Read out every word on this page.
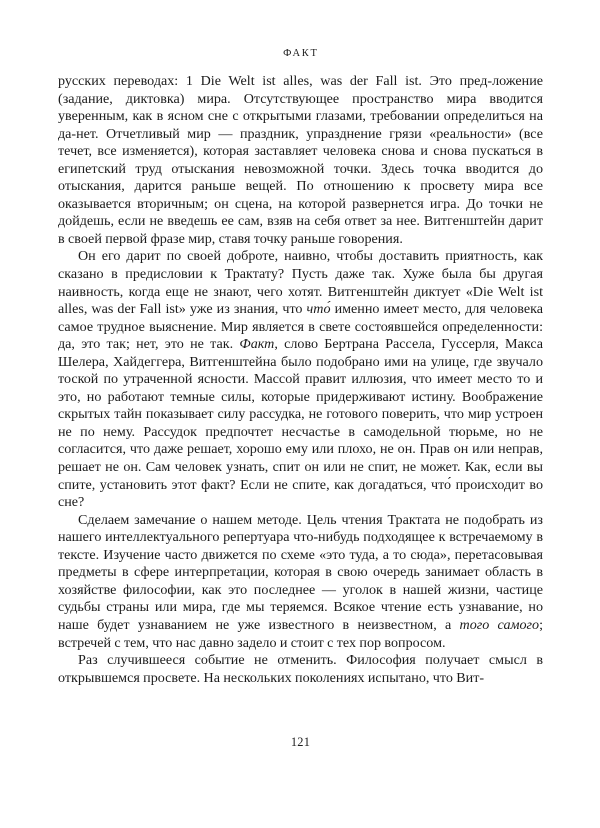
ФАКТ

русских переводах: 1 Die Welt ist alles, was der Fall ist. Это пред-ложение (задание, диктовка) мира. Отсутствующее пространство мира вводится уверенным, как в ясном сне с открытыми глазами, требовании определиться на да-нет. Отчетливый мир — праздник, упразднение грязи «реальности» (все течет, все изменяется), которая заставляет человека снова и снова пускаться в египетский труд отыскания невозможной точки. Здесь точка вводится до отыскания, дарится раньше вещей. По отношению к просвету мира все оказывается вторичным; он сцена, на которой развернется игра. До точки не дойдешь, если не введешь ее сам, взяв на себя ответ за нее. Витгенштейн дарит в своей первой фразе мир, ставя точку раньше говорения.

Он его дарит по своей доброте, наивно, чтобы доставить приятность, как сказано в предисловии к Трактату? Пусть даже так. Хуже была бы другая наивность, когда еще не знают, чего хотят. Витгенштейн диктует «Die Welt ist alles, was der Fall ist» уже из знания, что что́ именно имеет место, для человека самое трудное выяснение. Мир является в свете состоявшейся определенности: да, это так; нет, это не так. Факт, слово Бертрана Рассела, Гуссерля, Макса Шелера, Хайдеггера, Витгенштейна было подобрано ими на улице, где звучало тоской по утраченной ясности. Массой правит иллюзия, что имеет место то и это, но работают темные силы, которые придерживают истину. Воображение скрытых тайн показывает силу рассудка, не готового поверить, что мир устроен не по нему. Рассудок предпочтет несчастье в самодельной тюрьме, но не согласится, что даже решает, хорошо ему или плохо, не он. Прав он или неправ, решает не он. Сам человек узнать, спит он или не спит, не может. Как, если вы спите, установить этот факт? Если не спите, как догадаться, что́ происходит во сне?

Сделаем замечание о нашем методе. Цель чтения Трактата не подобрать из нашего интеллектуального репертуара что-нибудь подходящее к встречаемому в тексте. Изучение часто движется по схеме «это туда, а то сюда», перетасовывая предметы в сфере интерпретации, которая в свою очередь занимает область в хозяйстве философии, как это последнее — уголок в нашей жизни, частице судьбы страны или мира, где мы теряемся. Всякое чтение есть узнавание, но наше будет узнаванием не уже известного в неизвестном, а того самого; встречей с тем, что нас давно задело и стоит с тех пор вопросом.

Раз случившееся событие не отменить. Философия получает смысл в открывшемся просвете. На нескольких поколениях испытано, что Вит-

121
